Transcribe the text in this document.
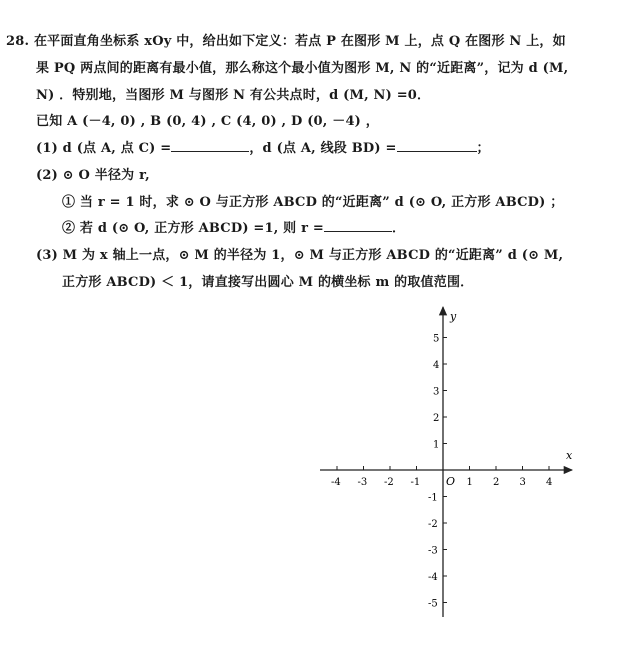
28. 在平面直角坐标系 xOy 中，给出如下定义：若点 P 在图形 M 上，点 Q 在图形 N 上，如
果 PQ 两点间的距离有最小值，那么称这个最小值为图形 M, N 的“近距离”，记为 d (M,
N) ．特别地，当图形 M 与图形 N 有公共点时，d (M, N) =0．
已知 A (－4, 0) , B (0, 4) , C (4, 0) , D (0, －4) ，
(1) d (点 A, 点 C) =	，d (点 A, 线段 BD) =	；
(2) ⊙ O 半径为 r,
① 当 r = 1 时，求 ⊙ O 与正方形 ABCD 的“近距离” d (⊙ O, 正方形 ABCD) ；
② 若 d (⊙ O, 正方形 ABCD) =1, 则 r =	．
(3) M 为 x 轴上一点，⊙ M 的半径为 1，⊙ M 与正方形 ABCD 的“近距离” d (⊙ M,
正方形 ABCD) ＜ 1，请直接写出圆心 M 的横坐标 m 的取值范围．
x
y
O
-4 -3 -2 -1	1 2 3 4
-5
-4
-3
-2
-1
1
2
3
4
5
